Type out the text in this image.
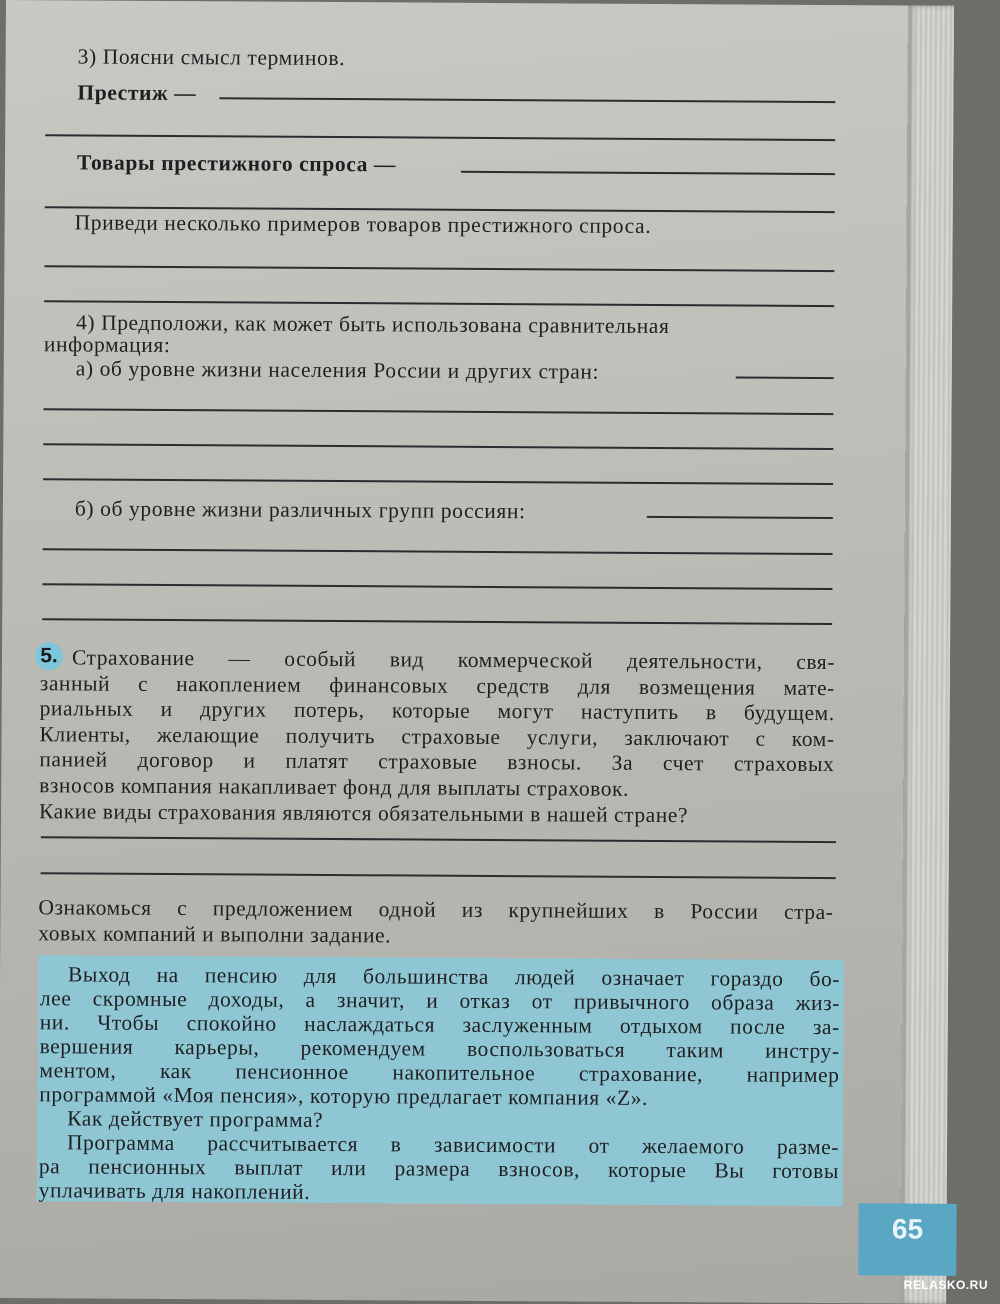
3) Поясни смысл терминов.
Престиж —
Товары престижного спроса —
Приведи несколько примеров товаров престижного спроса.
4) Предположи, как может быть использована сравнительная
информация:
а) об уровне жизни населения России и других стран:
б) об уровне жизни различных групп россиян:
5. Страхование — особый вид коммерческой деятельности, свя-
занный с накоплением финансовых средств для возмещения мате-
риальных и других потерь, которые могут наступить в будущем.
Клиенты, желающие получить страховые услуги, заключают с ком-
панией договор и платят страховые взносы. За счет страховых
взносов компания накапливает фонд для выплаты страховок.
Какие виды страхования являются обязательными в нашей стране?
Ознакомься с предложением одной из крупнейших в России стра-
ховых компаний и выполни задание.
Выход на пенсию для большинства людей означает гораздо бо-
лее скромные доходы, а значит, и отказ от привычного образа жиз-
ни. Чтобы спокойно наслаждаться заслуженным отдыхом после за-
вершения карьеры, рекомендуем воспользоваться таким инстру-
ментом, как пенсионное накопительное страхование, например
программой «Моя пенсия», которую предлагает компания «Z».
Как действует программа?
Программа рассчитывается в зависимости от желаемого разме-
ра пенсионных выплат или размера взносов, которые Вы готовы
уплачивать для накоплений.
65
RELASKO.RU
